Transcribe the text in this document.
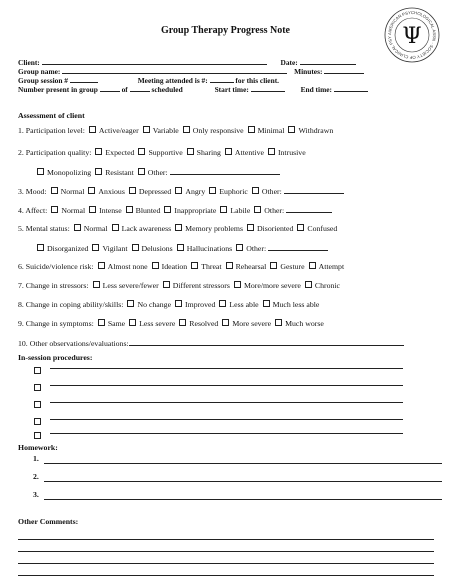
Group Therapy Progress Note	AMERICAN PSYCHOLOGICAL ASSN · SOCIETY OF CLINICAL PSY Ψ
Client:	Date:
Group name:	Minutes:
Group session #	Meeting attended is #:	for this client.
Number present in group	of	scheduled	Start time:	End time:
Assessment of client
1. Participation level: Active/eager Variable Only responsive Minimal Withdrawn
2. Participation quality: Expected Supportive Sharing Attentive Intrusive
Monopolizing Resistant Other:
3. Mood: Normal Anxious Depressed Angry Euphoric Other:
4. Affect: Normal Intense Blunted Inappropriate Labile Other:
5. Mental status: Normal Lack awareness Memory problems Disoriented Confused
Disorganized Vigilant Delusions Hallucinations Other:
6. Suicide/violence risk: Almost none Ideation Threat Rehearsal Gesture Attempt
7. Change in stressors: Less severe/fewer Different stressors More/more severe Chronic
8. Change in coping ability/skills: No change Improved Less able Much less able
9. Change in symptoms: Same Less severe Resolved More severe Much worse
10. Other observations/evaluations:
In-session procedures:
Homework:
1.
2.
3.
Other Comments:
